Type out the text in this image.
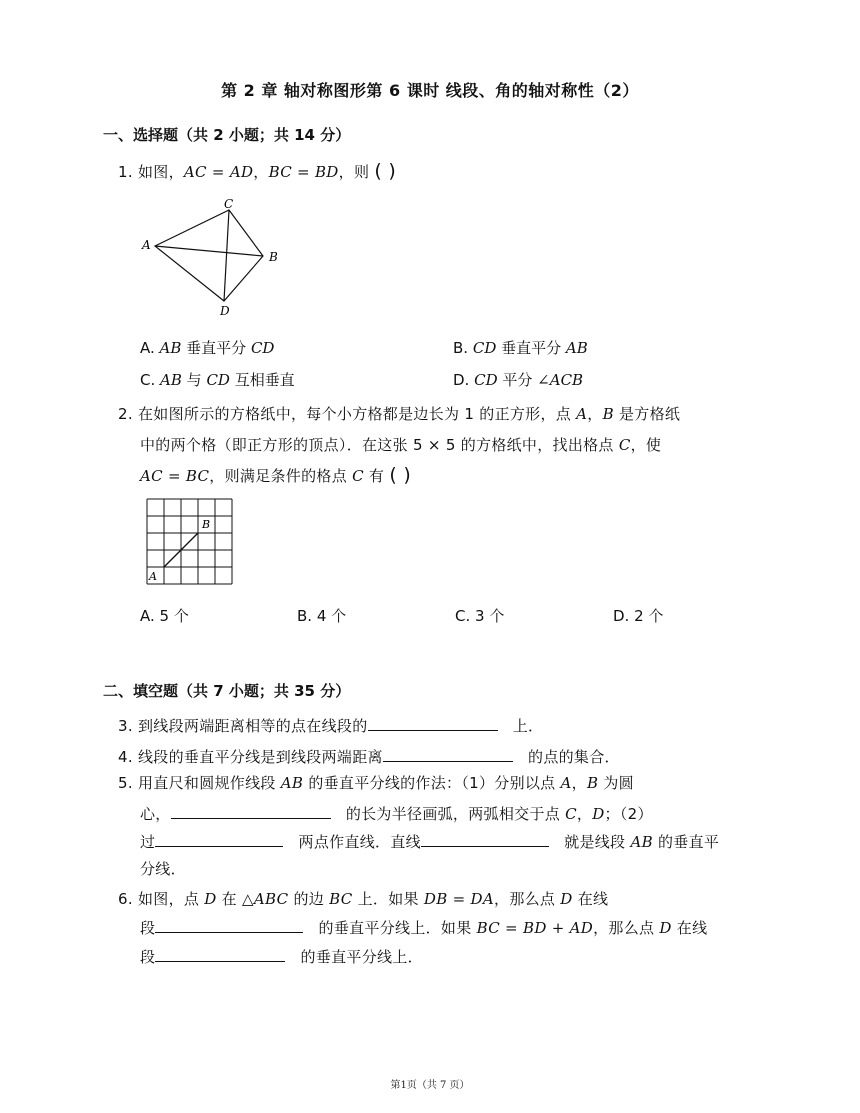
第 2 章 轴对称图形第 6 课时 线段、角的轴对称性（2）
一、选择题（共 2 小题；共 14 分）
1. 如图，AC = AD，BC = BD，则 ( )
C
A
B
D
A. AB 垂直平分 CD	B. CD 垂直平分 AB
C. AB 与 CD 互相垂直	D. CD 平分 ∠ACB
2. 在如图所示的方格纸中，每个小方格都是边长为 1 的正方形，点 A，B 是方格纸
中的两个格（即正方形的顶点）．在这张 5 × 5 的方格纸中，找出格点 C，使
AC = BC，则满足条件的格点 C 有 ( )
A
B
A. 5 个	B. 4 个	C. 3 个	D. 2 个
二、填空题（共 7 小题；共 35 分）
3. 到线段两端距离相等的点在线段的	上．
4. 线段的垂直平分线是到线段两端距离	的点的集合．
5. 用直尺和圆规作线段 AB 的垂直平分线的作法：（1）分别以点 A，B 为圆
心，	的长为半径画弧，两弧相交于点 C，D；（2）
过	两点作直线．直线	就是线段 AB 的垂直平
分线．
6. 如图，点 D 在 △ABC 的边 BC 上．如果 DB = DA，那么点 D 在线
段	的垂直平分线上．如果 BC = BD + AD，那么点 D 在线
段	的垂直平分线上．
第1页（共 7 页）
